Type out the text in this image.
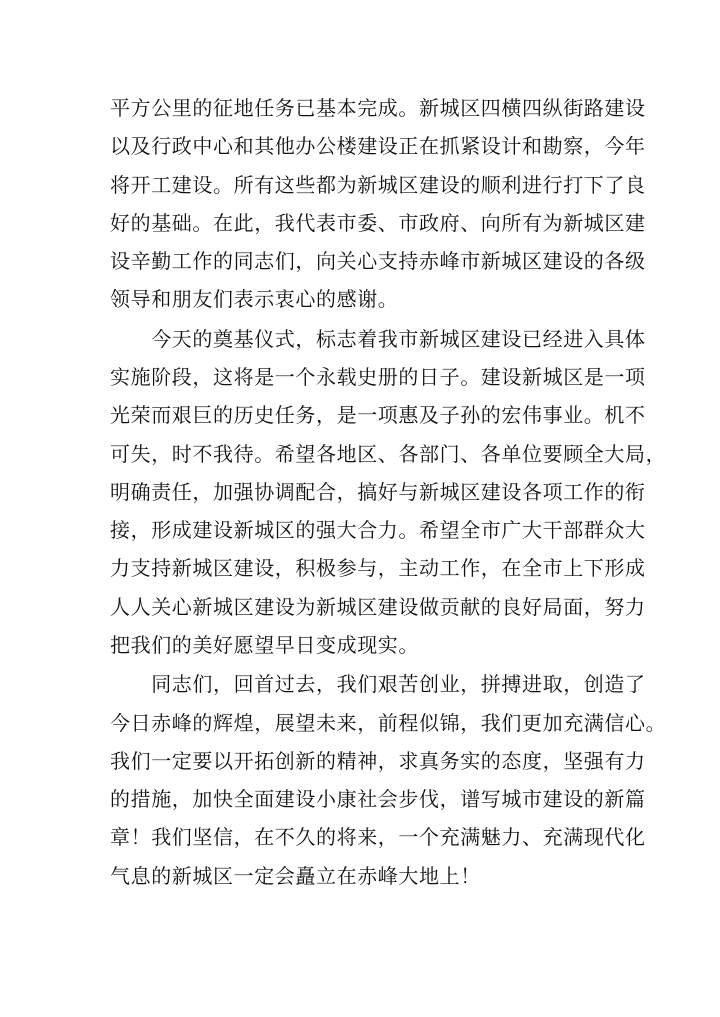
平方公里的征地任务已基本完成。新城区四横四纵街路建设
以及行政中心和其他办公楼建设正在抓紧设计和勘察，今年
将开工建设。所有这些都为新城区建设的顺利进行打下了良
好的基础。在此，我代表市委、市政府、向所有为新城区建
设辛勤工作的同志们，向关心支持赤峰市新城区建设的各级
领导和朋友们表示衷心的感谢。
　　今天的奠基仪式，标志着我市新城区建设已经进入具体
实施阶段，这将是一个永载史册的日子。建设新城区是一项
光荣而艰巨的历史任务，是一项惠及子孙的宏伟事业。机不
可失，时不我待。希望各地区、各部门、各单位要顾全大局，
明确责任，加强协调配合，搞好与新城区建设各项工作的衔
接，形成建设新城区的强大合力。希望全市广大干部群众大
力支持新城区建设，积极参与，主动工作，在全市上下形成
人人关心新城区建设为新城区建设做贡献的良好局面，努力
把我们的美好愿望早日变成现实。
　　同志们，回首过去，我们艰苦创业，拼搏进取，创造了
今日赤峰的辉煌，展望未来，前程似锦，我们更加充满信心。
我们一定要以开拓创新的精神，求真务实的态度，坚强有力
的措施，加快全面建设小康社会步伐，谱写城市建设的新篇
章！我们坚信，在不久的将来，一个充满魅力、充满现代化
气息的新城区一定会矗立在赤峰大地上！
